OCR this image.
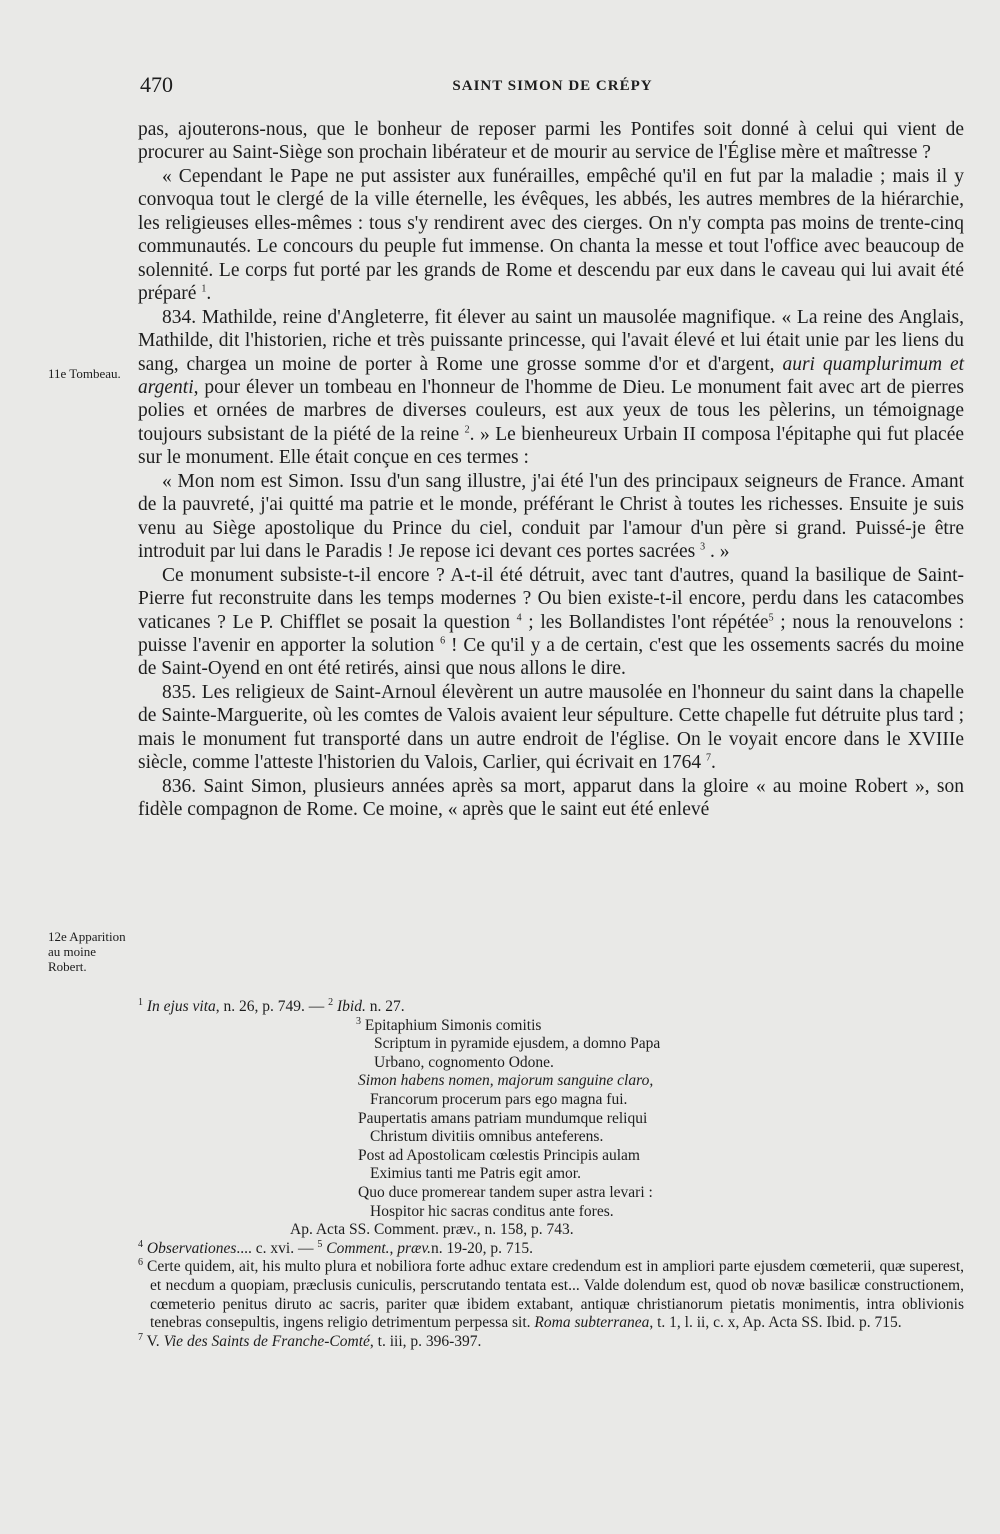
470	SAINT SIMON DE CRÉPY
11e Tombeau.
12e Apparition au moine Robert.

pas, ajouterons-nous, que le bonheur de reposer parmi les Pontifes soit donné à celui qui vient de procurer au Saint-Siège son prochain libérateur et de mourir au service de l'Église mère et maîtresse ?

« Cependant le Pape ne put assister aux funérailles, empêché qu'il en fut par la maladie ; mais il y convoqua tout le clergé de la ville éternelle, les évêques, les abbés, les autres membres de la hiérarchie, les religieuses elles-mêmes : tous s'y rendirent avec des cierges. On n'y compta pas moins de trente-cinq communautés. Le concours du peuple fut immense. On chanta la messe et tout l'office avec beaucoup de solennité. Le corps fut porté par les grands de Rome et descendu par eux dans le caveau qui lui avait été préparé $^1$.

834. Mathilde, reine d'Angleterre, fit élever au saint un mausolée magnifique. « La reine des Anglais, Mathilde, dit l'historien, riche et très puissante princesse, qui l'avait élevé et lui était unie par les liens du sang, chargea un moine de porter à Rome une grosse somme d'or et d'argent, auri quamplurimum et argenti, pour élever un tombeau en l'honneur de l'homme de Dieu. Le monument fait avec art de pierres polies et ornées de marbres de diverses couleurs, est aux yeux de tous les pèlerins, un témoignage toujours subsistant de la piété de la reine $^2$. » Le bienheureux Urbain II composa l'épitaphe qui fut placée sur le monument. Elle était conçue en ces termes :

« Mon nom est Simon. Issu d'un sang illustre, j'ai été l'un des principaux seigneurs de France. Amant de la pauvreté, j'ai quitté ma patrie et le monde, préférant le Christ à toutes les richesses. Ensuite je suis venu au Siège apostolique du Prince du ciel, conduit par l'amour d'un père si grand. Puissé-je être introduit par lui dans le Paradis ! Je repose ici devant ces portes sacrées $^3$ . »

Ce monument subsiste-t-il encore ? A-t-il été détruit, avec tant d'autres, quand la basilique de Saint-Pierre fut reconstruite dans les temps modernes ? Ou bien existe-t-il encore, perdu dans les catacombes vaticanes ? Le P. Chifflet se posait la question $^4$ ; les Bollandistes l'ont répétée$^5$ ; nous la renouvelons : puisse l'avenir en apporter la solution $^6$ ! Ce qu'il y a de certain, c'est que les ossements sacrés du moine de Saint-Oyend en ont été retirés, ainsi que nous allons le dire.

835. Les religieux de Saint-Arnoul élevèrent un autre mausolée en l'honneur du saint dans la chapelle de Sainte-Marguerite, où les comtes de Valois avaient leur sépulture. Cette chapelle fut détruite plus tard ; mais le monument fut transporté dans un autre endroit de l'église. On le voyait encore dans le XVIIIe siècle, comme l'atteste l'historien du Valois, Carlier, qui écrivait en 1764 $^7$.

836. Saint Simon, plusieurs années après sa mort, apparut dans la gloire « au moine Robert », son fidèle compagnon de Rome. Ce moine, « après que le saint eut été enlevé

$^1$ In ejus vita, n. 26, p. 749. — $^2$ Ibid. n. 27.

$^3$ Epitaphium Simonis comitis
Scriptum in pyramide ejusdem, a domno Papa
Urbano, cognomento Odone.
Simon habens nomen, majorum sanguine claro,
Francorum procerum pars ego magna fui.
Paupertatis amans patriam mundumque reliqui
Christum divitiis omnibus anteferens.
Post ad Apostolicam cœlestis Principis aulam
Eximius tanti me Patris egit amor.
Quo duce promerear tandem super astra levari :
Hospitor hic sacras conditus ante fores.
Ap. Acta SS. Comment. præv., n. 158, p. 743.

$^4$ Observationes.... c. xvi. — $^5$ Comment., præv.n. 19-20, p. 715.

$^6$ Certe quidem, ait, his multo plura et nobiliora forte adhuc extare credendum est in ampliori parte ejusdem cœmeterii, quæ superest, et necdum a quopiam, præclusis cuniculis, perscrutando tentata est... Valde dolendum est, quod ob novæ basilicæ constructionem, cœmeterio penitus diruto ac sacris, pariter quæ ibidem extabant, antiquæ christianorum pietatis monimentis, intra oblivionis tenebras consepultis, ingens religio detrimentum perpessa sit. Roma subterranea, t. 1, l. ii, c. x, Ap. Acta SS. Ibid. p. 715.

$^7$ V. Vie des Saints de Franche-Comté, t. iii, p. 396-397.
